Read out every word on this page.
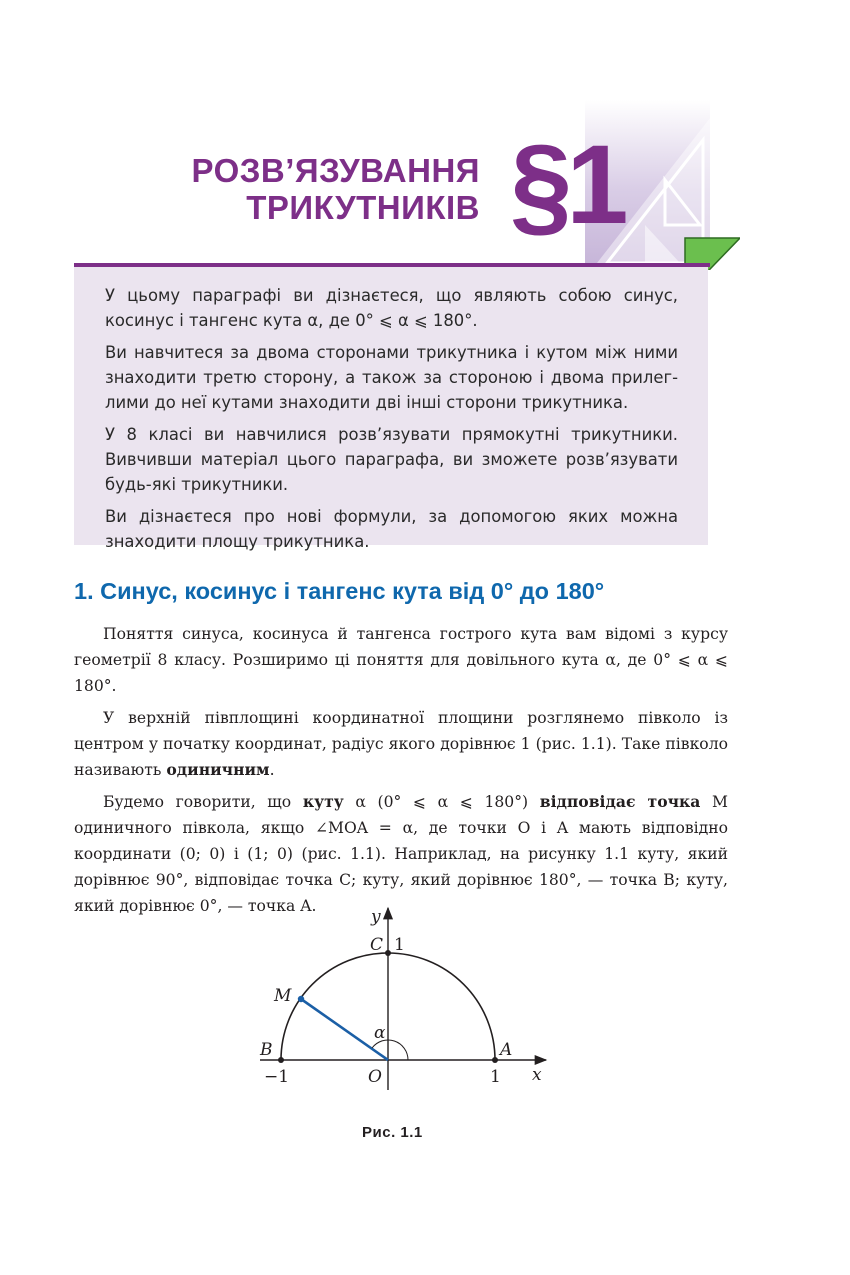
РОЗВ’ЯЗУВАННЯ
ТРИКУТНИКІВ §1

У цьому параграфі ви дізнаєтеся, що являють собою синус, косинус і тангенс кута α, де 0° ⩽ α ⩽ 180°.

Ви навчитеся за двома сторонами трикутника і кутом між ними знаходити третю сторону, а також за стороною і двома прилеглими до неї кутами знаходити дві інші сторони трикутника.

У 8 класі ви навчилися розв’язувати прямокутні трикутники. Вивчивши матеріал цього параграфа, ви зможете розв’язувати будь-які трикутники.

Ви дізнаєтеся про нові формули, за допомогою яких можна знаходити площу трикутника.

1. Синус, косинус і тангенс кута від 0° до 180°

Поняття синуса, косинуса й тангенса гострого кута вам відомі з курсу геометрії 8 класу. Розширимо ці поняття для довільного кута α, де 0° ⩽ α ⩽ 180°.

У верхній півплощині координатної площини розглянемо півколо із центром у початку координат, радіус якого дорівнює 1 (рис. 1.1). Таке півколо називають одиничним.

Будемо говорити, що куту α (0° ⩽ α ⩽ 180°) відповідає точка M одиничного півкола, якщо ∠MOA = α, де точки O і A мають відповідно координати (0; 0) і (1; 0) (рис. 1.1). Наприклад, на рисунку 1.1 куту, який дорівнює 90°, відповідає точка C; куту, який дорівнює 180°, — точка B; куту, який дорівнює 0°, — точка A.

y
C 1
M
α
B	A
−1	O	1 x
Рис. 1.1
